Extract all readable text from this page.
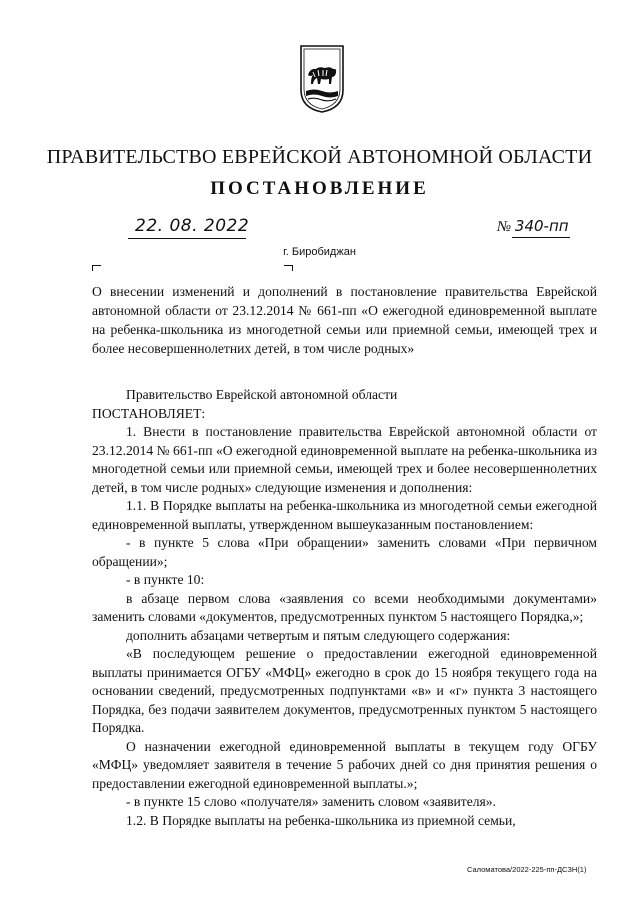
ПРАВИТЕЛЬСТВО ЕВРЕЙСКОЙ АВТОНОМНОЙ ОБЛАСТИ
ПОСТАНОВЛЕНИЕ
22. 08. 2022	№ 340-пп
г. Биробиджан
О внесении изменений и дополнений в постановление правительства Еврейской автономной области от 23.12.2014 № 661-пп «О ежегодной единовременной выплате на ребенка-школьника из многодетной семьи или приемной семьи, имеющей трех и более несовершеннолетних детей, в том числе родных»

Правительство Еврейской автономной области

ПОСТАНОВЛЯЕТ:

1. Внести в постановление правительства Еврейской автономной области от 23.12.2014 № 661-пп «О ежегодной единовременной выплате на ребенка-школьника из многодетной семьи или приемной семьи, имеющей трех и более несовершеннолетних детей, в том числе родных» следующие изменения и дополнения:

1.1. В Порядке выплаты на ребенка-школьника из многодетной семьи ежегодной единовременной выплаты, утвержденном вышеуказанным постановлением:

- в пункте 5 слова «При обращении» заменить словами «При первичном обращении»;

- в пункте 10:

в абзаце первом слова «заявления со всеми необходимыми документами» заменить словами «документов, предусмотренных пунктом 5 настоящего Порядка,»;

дополнить абзацами четвертым и пятым следующего содержания:

«В последующем решение о предоставлении ежегодной единовременной выплаты принимается ОГБУ «МФЦ» ежегодно в срок до 15 ноября текущего года на основании сведений, предусмотренных подпунктами «в» и «г» пункта 3 настоящего Порядка, без подачи заявителем документов, предусмотренных пунктом 5 настоящего Порядка.

О назначении ежегодной единовременной выплаты в текущем году ОГБУ «МФЦ» уведомляет заявителя в течение 5 рабочих дней со дня принятия решения о предоставлении ежегодной единовременной выплаты.»;

- в пункте 15 слово «получателя» заменить словом «заявителя».

1.2. В Порядке выплаты на ребенка-школьника из приемной семьи,

Саломатова/2022-225-пп-ДСЗН(1)
